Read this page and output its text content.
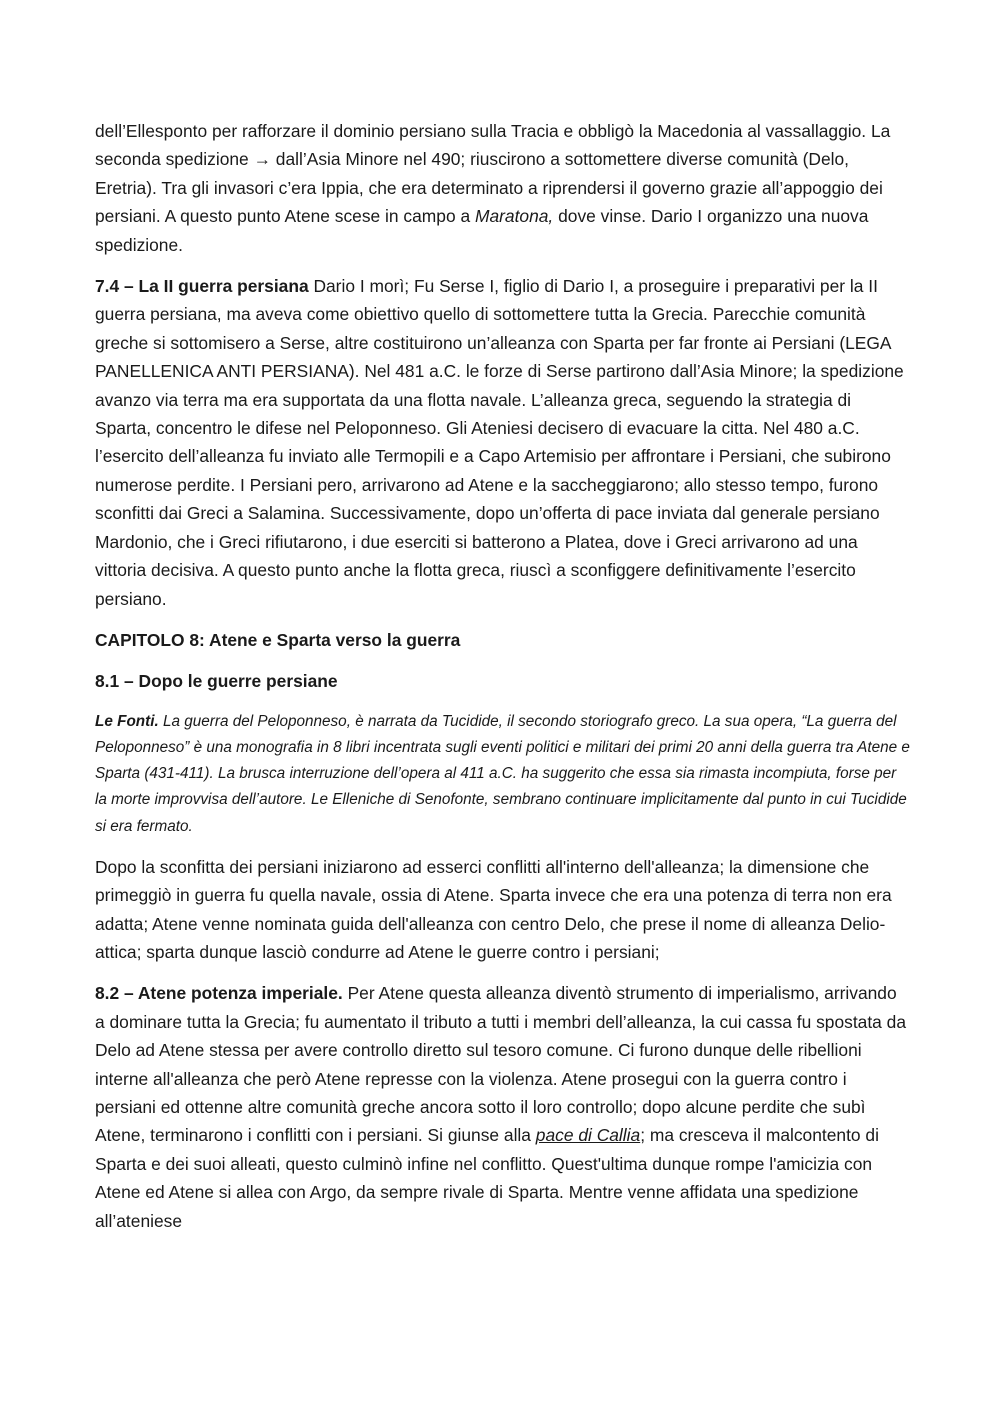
dell’Ellesponto per rafforzare il dominio persiano sulla Tracia e obbligò la Macedonia al vassallaggio. La seconda spedizione → dall’Asia Minore nel 490; riuscirono a sottomettere diverse comunità (Delo, Eretria). Tra gli invasori c’era Ippia, che era determinato a riprendersi il governo grazie all’appoggio dei persiani. A questo punto Atene scese in campo a Maratona, dove vinse. Dario I organizzo una nuova spedizione.

7.4 – La II guerra persiana Dario I morì; Fu Serse I, figlio di Dario I, a proseguire i preparativi per la II guerra persiana, ma aveva come obiettivo quello di sottomettere tutta la Grecia. Parecchie comunità greche si sottomisero a Serse, altre costituirono un’alleanza con Sparta per far fronte ai Persiani (LEGA PANELLENICA ANTI PERSIANA). Nel 481 a.C. le forze di Serse partirono dall’Asia Minore; la spedizione avanzo via terra ma era supportata da una flotta navale. L’alleanza greca, seguendo la strategia di Sparta, concentro le difese nel Peloponneso. Gli Ateniesi decisero di evacuare la citta. Nel 480 a.C. l’esercito dell’alleanza fu inviato alle Termopili e a Capo Artemisio per affrontare i Persiani, che subirono numerose perdite. I Persiani pero, arrivarono ad Atene e la saccheggiarono; allo stesso tempo, furono sconfitti dai Greci a Salamina. Successivamente, dopo un’offerta di pace inviata dal generale persiano Mardonio, che i Greci rifiutarono, i due eserciti si batterono a Platea, dove i Greci arrivarono ad una vittoria decisiva. A questo punto anche la flotta greca, riuscì a sconfiggere definitivamente l’esercito persiano.

CAPITOLO 8: Atene e Sparta verso la guerra
8.1 – Dopo le guerre persiane

Le Fonti. La guerra del Peloponneso, è narrata da Tucidide, il secondo storiografo greco. La sua opera, “La guerra del Peloponneso” è una monografia in 8 libri incentrata sugli eventi politici e militari dei primi 20 anni della guerra tra Atene e Sparta (431-411). La brusca interruzione dell’opera al 411 a.C. ha suggerito che essa sia rimasta incompiuta, forse per la morte improvvisa dell’autore. Le Elleniche di Senofonte, sembrano continuare implicitamente dal punto in cui Tucidide si era fermato.

Dopo la sconfitta dei persiani iniziarono ad esserci conflitti all'interno dell'alleanza; la dimensione che primeggiò in guerra fu quella navale, ossia di Atene. Sparta invece che era una potenza di terra non era adatta; Atene venne nominata guida dell'alleanza con centro Delo, che prese il nome di alleanza Delio-attica; sparta dunque lasciò condurre ad Atene le guerre contro i persiani;

8.2 – Atene potenza imperiale. Per Atene questa alleanza diventò strumento di imperialismo, arrivando a dominare tutta la Grecia; fu aumentato il tributo a tutti i membri dell’alleanza, la cui cassa fu spostata da Delo ad Atene stessa per avere controllo diretto sul tesoro comune. Ci furono dunque delle ribellioni interne all'alleanza che però Atene represse con la violenza. Atene prosegui con la guerra contro i persiani ed ottenne altre comunità greche ancora sotto il loro controllo; dopo alcune perdite che subì Atene, terminarono i conflitti con i persiani. Si giunse alla pace di Callia; ma cresceva il malcontento di Sparta e dei suoi alleati, questo culminò infine nel conflitto. Quest'ultima dunque rompe l'amicizia con Atene ed Atene si allea con Argo, da sempre rivale di Sparta. Mentre venne affidata una spedizione all’ateniese
